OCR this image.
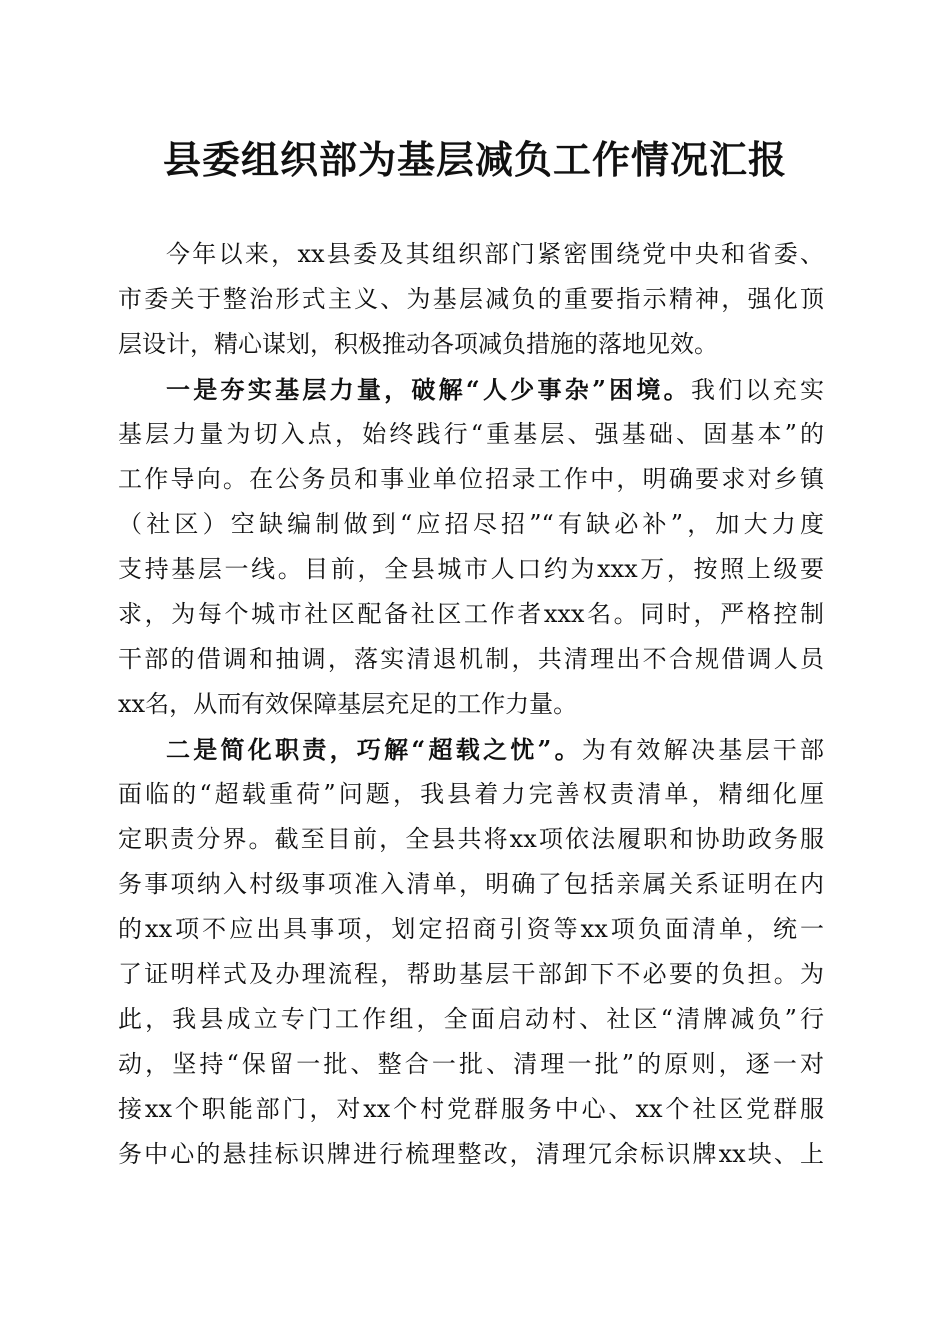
县委组织部为基层减负工作情况汇报
今年以来，xx县委及其组织部门紧密围绕党中央和省委、
市委关于整治形式主义、为基层减负的重要指示精神，强化顶
层设计，精心谋划，积极推动各项减负措施的落地见效。
一是夯实基层力量，破解“人少事杂”困境。我们以充实
基层力量为切入点，始终践行“重基层、强基础、固基本”的
工作导向。在公务员和事业单位招录工作中，明确要求对乡镇
（社区）空缺编制做到“应招尽招”“有缺必补”，加大力度
支持基层一线。目前，全县城市人口约为xxx万，按照上级要
求，为每个城市社区配备社区工作者xxx名。同时，严格控制
干部的借调和抽调，落实清退机制，共清理出不合规借调人员
xx名，从而有效保障基层充足的工作力量。
二是简化职责，巧解“超载之忧”。为有效解决基层干部
面临的“超载重荷”问题，我县着力完善权责清单，精细化厘
定职责分界。截至目前，全县共将xx项依法履职和协助政务服
务事项纳入村级事项准入清单，明确了包括亲属关系证明在内
的xx项不应出具事项，划定招商引资等xx项负面清单，统一
了证明样式及办理流程，帮助基层干部卸下不必要的负担。为
此，我县成立专门工作组，全面启动村、社区“清牌减负”行
动，坚持“保留一批、整合一批、清理一批”的原则，逐一对
接xx个职能部门，对xx个村党群服务中心、xx个社区党群服
务中心的悬挂标识牌进行梳理整改，清理冗余标识牌xx块、上
